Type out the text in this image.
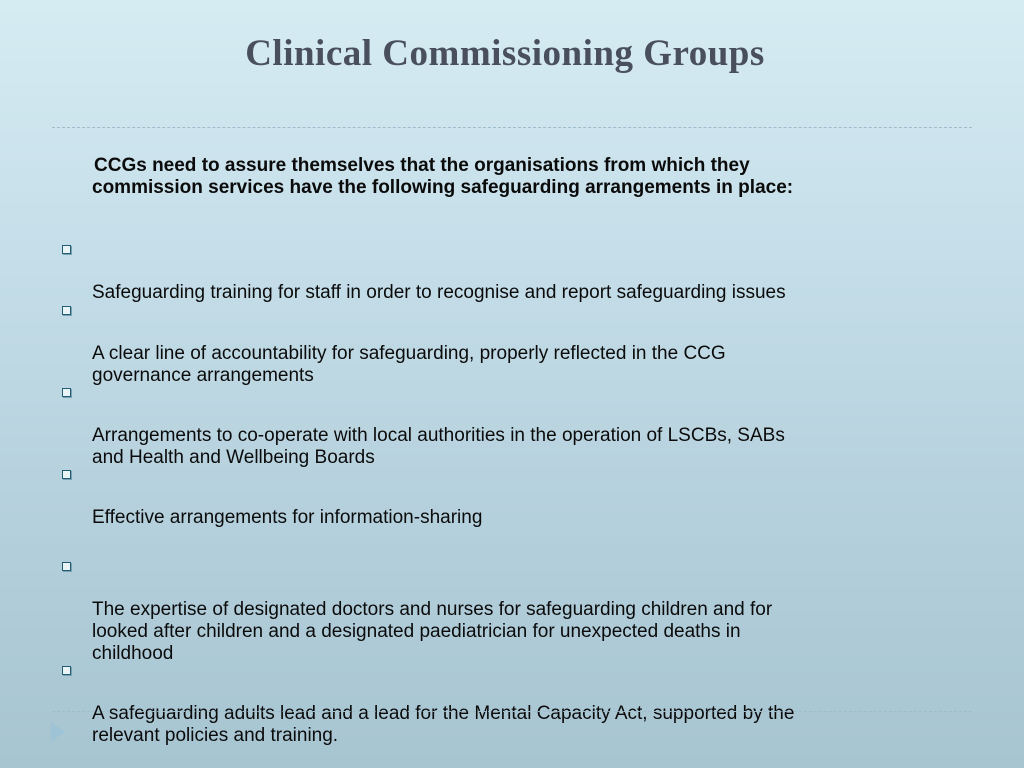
Clinical Commissioning Groups

CCGs need to assure themselves that the organisations from which they
commission services have the following safeguarding arrangements in place:

Safeguarding training for staff in order to recognise and report safeguarding issues

A clear line of accountability for safeguarding, properly reflected in the CCG
governance arrangements

Arrangements to co-operate with local authorities in the operation of LSCBs, SABs
and Health and Wellbeing Boards

Effective arrangements for information-sharing

The expertise of designated doctors and nurses for safeguarding children and for
looked after children and a designated paediatrician for unexpected deaths in
childhood

A safeguarding adults lead and a lead for the Mental Capacity Act, supported by the
relevant policies and training.
